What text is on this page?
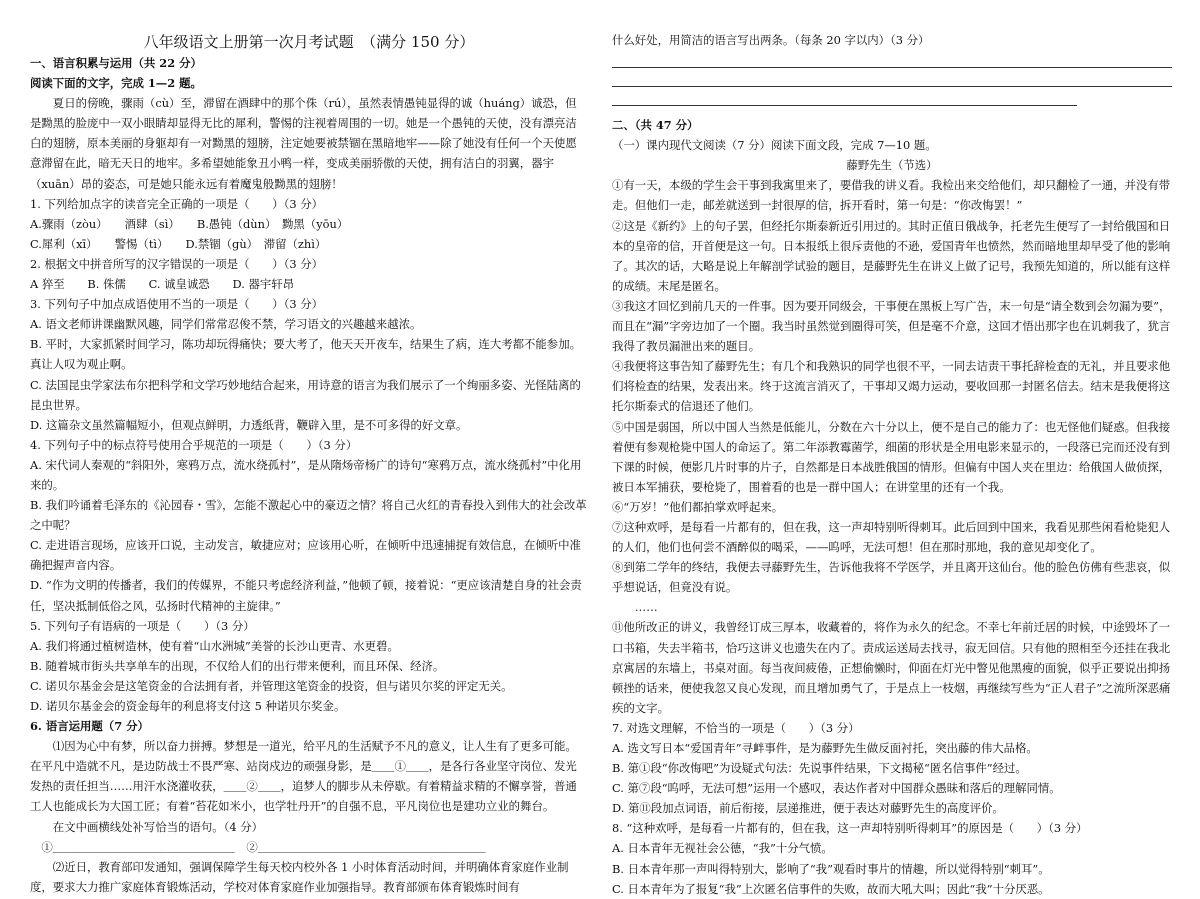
八年级语文上册第一次月考试题　（满分 150 分）

一、语言积累与运用（共 22 分）

阅读下面的文字，完成 1—2 题。

夏日的傍晚，骤雨（cù）至，滞留在酒肆中的那个侏（rú），虽然表情愚钝显得的诚（huáng）诚恐，但是黝黑的脸庞中一双小眼睛却显得无比的犀利，警惕的注视着周围的一切。她是一个愚钝的天使，没有漂亮洁白的翅膀，原本美丽的身躯却有一对黝黑的翅膀，注定她要被禁锢在黑暗地牢——除了她没有任何一个天使愿意滞留在此，暗无天日的地牢。多希望她能象丑小鸭一样，变成美丽骄傲的天使，拥有洁白的羽翼，器宇（xuān）昂的姿态，可是她只能永远有着魔鬼般黝黑的翅膀！

1. 下列给加点字的读音完全正确的一项是（　　）（3 分）

A.骤雨（zòu）　　酒肆（sì）　　B.愚钝（dùn）　黝黑（yōu）

C.犀利（xī）　　警惕（tì）　　D.禁锢（gù）　滞留（zhì）

2. 根据文中拼音所写的汉字错误的一项是（　　）（3 分）

A 猝至　　B. 侏儒　　C. 诚皇诚恐　　D. 器宇轩昂

3. 下列句子中加点成语使用不当的一项是（　　）（3 分）

A. 语文老师讲课幽默风趣，同学们常常忍俊不禁，学习语文的兴趣越来越浓。

B. 平时，大家抓紧时间学习，陈功却玩得痛快；要大考了，他天天开夜车，结果生了病，连大考都不能参加。真让人叹为观止啊。

C. 法国昆虫学家法布尔把科学和文学巧妙地结合起来，用诗意的语言为我们展示了一个绚丽多姿、光怪陆离的昆虫世界。

D. 这篇杂文虽然篇幅短小，但观点鲜明，力透纸背，鞭辟入里，是不可多得的好文章。

4. 下列句子中的标点符号使用合乎规范的一项是（　　）（3 分）

A. 宋代词人秦观的“斜阳外，寒鸦万点，流水绕孤村”，是从隋炀帝杨广的诗句“寒鸦万点，流水绕孤村”中化用来的。

B. 我们吟诵着毛泽东的《沁园春・雪》，怎能不激起心中的豪迈之情？将自己火红的青春投入到伟大的社会改革之中呢？

C. 走进语言现场，应该开口说，主动发言，敏捷应对；应该用心听，在倾听中迅速捕捉有效信息，在倾听中准确把握声音内容。

D. “作为文明的传播者，我们的传媒界，不能只考虑经济利益，”他顿了顿，接着说：“更应该清楚自身的社会责任，坚决抵制低俗之风，弘扬时代精神的主旋律。”

5. 下列句子有语病的一项是（　　）（3 分）

A. 我们将通过植树造林，使有着“山水洲城”美誉的长沙山更青、水更碧。

B. 随着城市街头共享单车的出现，不仅给人们的出行带来便利，而且环保、经济。

C. 诺贝尔基金会是这笔资金的合法拥有者，并管理这笔资金的投资，但与诺贝尔奖的评定无关。

D. 诺贝尔基金会的资金每年的利息将支付这 5 种诺贝尔奖金。

6. 语言运用题（7 分）

⑴因为心中有梦，所以奋力拼搏。梦想是一道光，给平凡的生活赋予不凡的意义，让人生有了更多可能。在平凡中造就不凡，是边防战士不畏严寒、站岗戍边的顽强身影，是＿＿①＿＿，是各行各业坚守岗位、发光发热的责任担当……用汗水浇灌收获，＿＿②＿＿，追梦人的脚步从未停歇。有着精益求精的不懈享誉，普通工人也能成长为大国工匠；有着“苔花如米小，也学牡丹开”的自强不息，平凡岗位也是建功立业的舞台。

在文中画横线处补写恰当的语句。（4 分）

　①＿＿＿＿＿＿＿＿＿＿＿＿＿＿＿＿　②＿＿＿＿＿＿＿＿＿＿＿＿＿＿＿＿＿＿＿＿

⑵近日，教育部印发通知，强调保障学生每天校内校外各 1 小时体育活动时间，并明确体育家庭作业制度，要求大力推广家庭体育锻炼活动，学校对体育家庭作业加强指导。教育部颁布体育锻炼时间有

什么好处，用简洁的语言写出两条。（每条 20 字以内）（3 分）

二、（共 47 分）

（一）课内现代文阅读（7 分）阅读下面文段，完成 7—10 题。

藤野先生（节选）

①有一天，本级的学生会干事到我寓里来了，要借我的讲义看。我检出来交给他们，却只翻检了一通，并没有带走。但他们一走，邮差就送到一封很厚的信，拆开看时，第一句是：“你改悔罢！”

②这是《新约》上的句子罢，但经托尔斯泰新近引用过的。其时正值日俄战争，托老先生便写了一封给俄国和日本的皇帝的信，开首便是这一句。日本报纸上很斥责他的不逊，爱国青年也愤然，然而暗地里却早受了他的影响了。其次的话，大略是说上年解剖学试验的题目，是藤野先生在讲义上做了记号，我预先知道的，所以能有这样的成绩。末尾是匿名。

③我这才回忆到前几天的一件事。因为要开同级会，干事便在黑板上写广告，末一句是“请全数到会勿漏为要”，而且在“漏”字旁边加了一个圈。我当时虽然觉到圈得可笑，但是毫不介意，这回才悟出那字也在讥刺我了，犹言我得了教员漏泄出来的题目。

④我便将这事告知了藤野先生；有几个和我熟识的同学也很不平，一同去诘责干事托辞检查的无礼，并且要求他们将检查的结果，发表出来。终于这流言消灭了，干事却又竭力运动，要收回那一封匿名信去。结末是我便将这托尔斯泰式的信退还了他们。

⑤中国是弱国，所以中国人当然是低能儿，分数在六十分以上，便不是自己的能力了：也无怪他们疑惑。但我接着便有参观枪毙中国人的命运了。第二年添教霉菌学，细菌的形状是全用电影来显示的，一段落已完而还没有到下课的时候，便影几片时事的片子，自然都是日本战胜俄国的情形。但偏有中国人夹在里边：给俄国人做侦探，被日本军捕获，要枪毙了，围着看的也是一群中国人；在讲堂里的还有一个我。

⑥“万岁！”他们都拍掌欢呼起来。

⑦这种欢呼，是每看一片都有的，但在我，这一声却特别听得刺耳。此后回到中国来，我看见那些闲看枪毙犯人的人们，他们也何尝不酒醉似的喝采，——呜呼，无法可想！但在那时那地，我的意见却变化了。

⑧到第二学年的终结，我便去寻藤野先生，告诉他我将不学医学，并且离开这仙台。他的脸色仿佛有些悲哀，似乎想说话，但竟没有说。

……

⑪他所改正的讲义，我曾经订成三厚本，收藏着的，将作为永久的纪念。不幸七年前迁居的时候，中途毁坏了一口书箱，失去半箱书，恰巧这讲义也遗失在内了。责成运送局去找寻，寂无回信。只有他的照相至今还挂在我北京寓居的东墙上，书桌对面。每当夜间疲倦，正想偷懒时，仰面在灯光中瞥见他黑瘦的面貌，似乎正要说出抑扬顿挫的话来，便使我忽又良心发现，而且增加勇气了，于是点上一枝烟，再继续写些为“正人君子”之流所深恶痛疾的文字。

7. 对选文理解，不恰当的一项是（　　）（3 分）

A. 选文写日本“爱国青年”寻衅事件，是为藤野先生做反面衬托，突出藤的伟大品格。

B. 第①段“你改悔吧”为设疑式句法：先说事件结果，下文揭秘“匿名信事件”经过。

C. 第⑦段“呜呼，无法可想”运用一个感叹，表达作者对中国群众愚昧和落后的理解同情。

D. 第⑪段加点词语，前后衔接，层递推进，便于表达对藤野先生的高度评价。

8. “这种欢呼，是每看一片都有的，但在我，这一声却特别听得刺耳”的原因是（　　）（3 分）

A. 日本青年无视社会公德，“我”十分气愤。

B. 日本青年那一声叫得特别大，影响了“我”观看时事片的情趣，所以觉得特别“刺耳”。

C. 日本青年为了报复“我”上次匿名信事件的失败，故而大吼大叫；因此“我”十分厌恶。
